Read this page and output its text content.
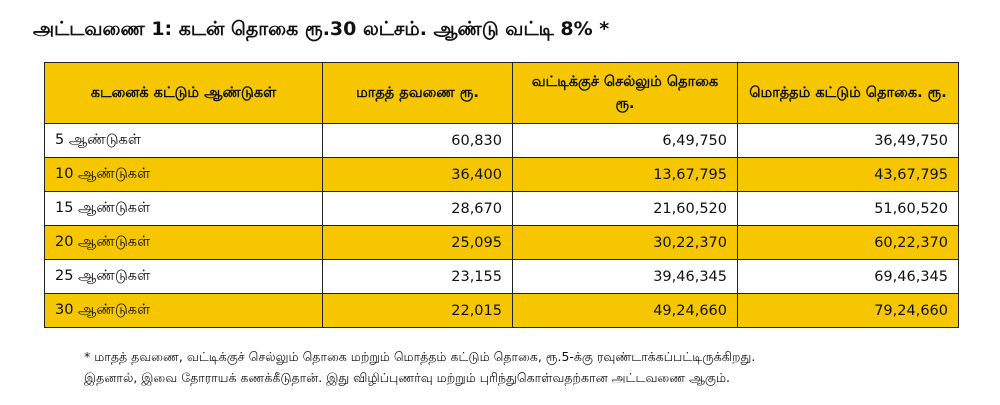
அட்டவணை 1: கடன் தொகை ரூ.30 லட்சம். ஆண்டு வட்டி 8% *
கடனைக் கட்டும் ஆண்டுகள்	மாதத் தவணை ரூ.	வட்டிக்குச் செல்லும் தொகை ரூ.	மொத்தம் கட்டும் தொகை. ரூ.
5 ஆண்டுகள்	60,830	6,49,750	36,49,750
10 ஆண்டுகள்	36,400	13,67,795	43,67,795
15 ஆண்டுகள்	28,670	21,60,520	51,60,520
20 ஆண்டுகள்	25,095	30,22,370	60,22,370
25 ஆண்டுகள்	23,155	39,46,345	69,46,345
30 ஆண்டுகள்	22,015	49,24,660	79,24,660
* மாதத் தவணை, வட்டிக்குச் செல்லும் தொகை மற்றும் மொத்தம் கட்டும் தொகை, ரூ.5-க்கு ரவுண்டாக்கப்பட்டிருக்கிறது.
இதனால், இவை தோராயக் கணக்கீடுதான். இது விழிப்புணர்வு மற்றும் புரிந்துகொள்வதற்கான அட்டவணை ஆகும்.
